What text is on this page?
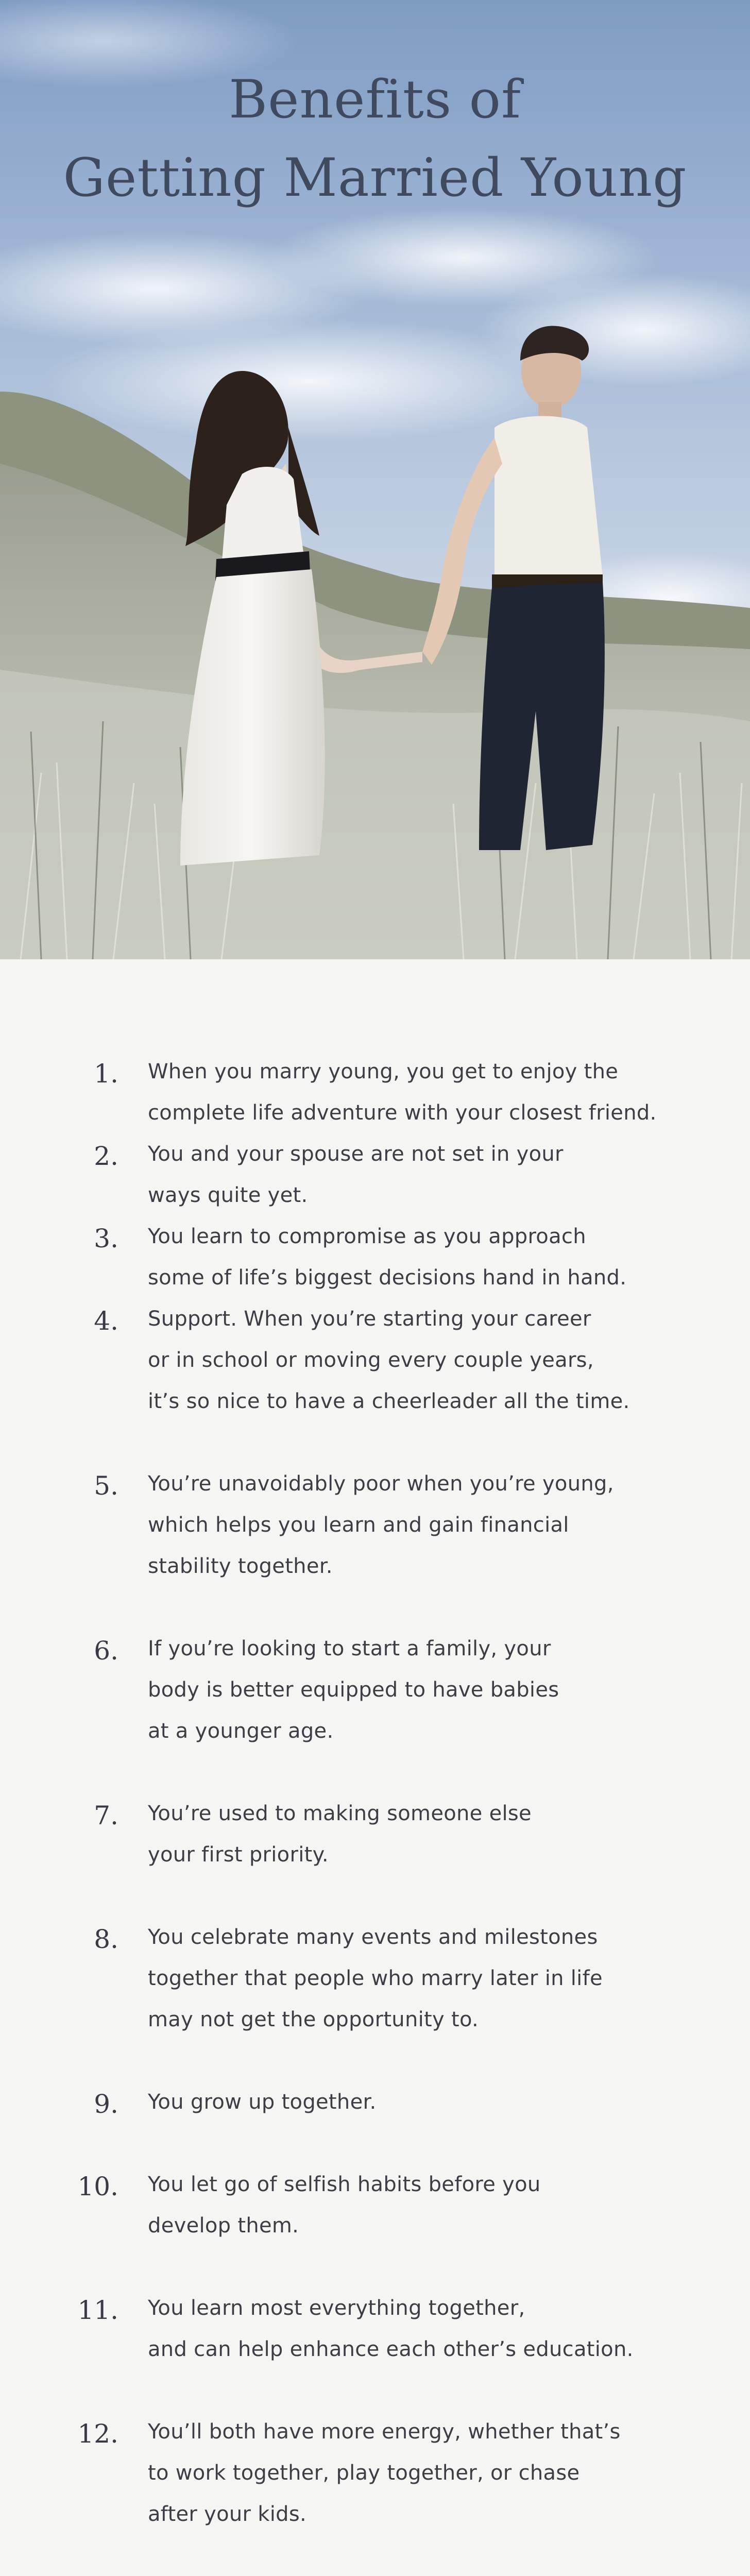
Benefits of
Getting Married Young
1. When you marry young, you get to enjoy the
complete life adventure with your closest friend.
2. You and your spouse are not set in your
ways quite yet.
3. You learn to compromise as you approach
some of life’s biggest decisions hand in hand.
4. Support. When you’re starting your career
or in school or moving every couple years,
it’s so nice to have a cheerleader all the time.
5. You’re unavoidably poor when you’re young,
which helps you learn and gain financial
stability together.
6. If you’re looking to start a family, your
body is better equipped to have babies
at a younger age.
7. You’re used to making someone else
your first priority.
8. You celebrate many events and milestones
together that people who marry later in life
may not get the opportunity to.
9. You grow up together.
10. You let go of selfish habits before you
develop them.
11. You learn most everything together,
and can help enhance each other’s education.
12. You’ll both have more energy, whether that’s
to work together, play together, or chase
after your kids.
